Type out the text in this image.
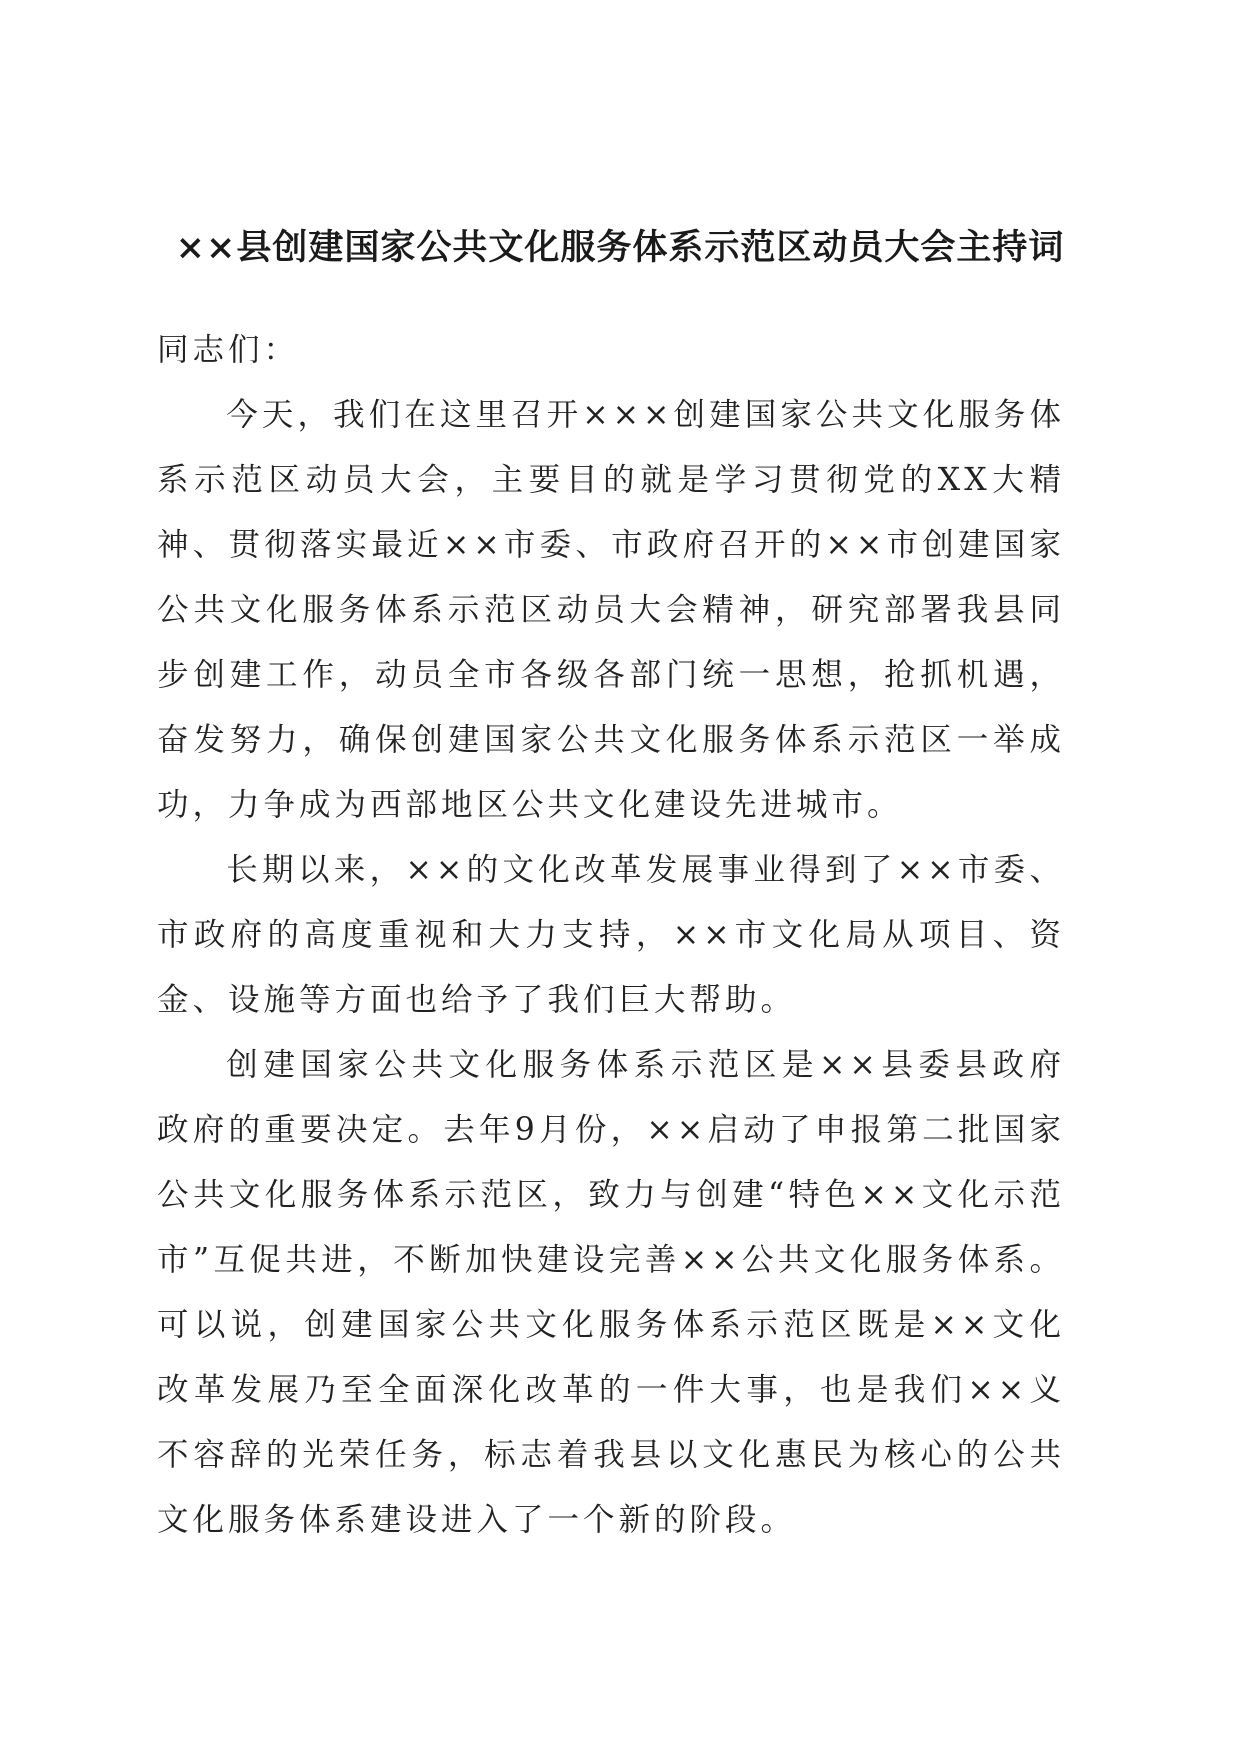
××县创建国家公共文化服务体系示范区动员大会主持词

同志们：

今天，我们在这里召开×××创建国家公共文化服务体系示范区动员大会，主要目的就是学习贯彻党的XX大精神、贯彻落实最近××市委、市政府召开的××市创建国家公共文化服务体系示范区动员大会精神，研究部署我县同步创建工作，动员全市各级各部门统一思想，抢抓机遇，奋发努力，确保创建国家公共文化服务体系示范区一举成功，力争成为西部地区公共文化建设先进城市。

长期以来，××的文化改革发展事业得到了××市委、市政府的高度重视和大力支持，××市文化局从项目、资金、设施等方面也给予了我们巨大帮助。

创建国家公共文化服务体系示范区是××县委县政府政府的重要决定。去年9月份，××启动了申报第二批国家公共文化服务体系示范区，致力与创建“特色××文化示范市”互促共进，不断加快建设完善××公共文化服务体系。可以说，创建国家公共文化服务体系示范区既是××文化改革发展乃至全面深化改革的一件大事，也是我们××义不容辞的光荣任务，标志着我县以文化惠民为核心的公共文化服务体系建设进入了一个新的阶段。
